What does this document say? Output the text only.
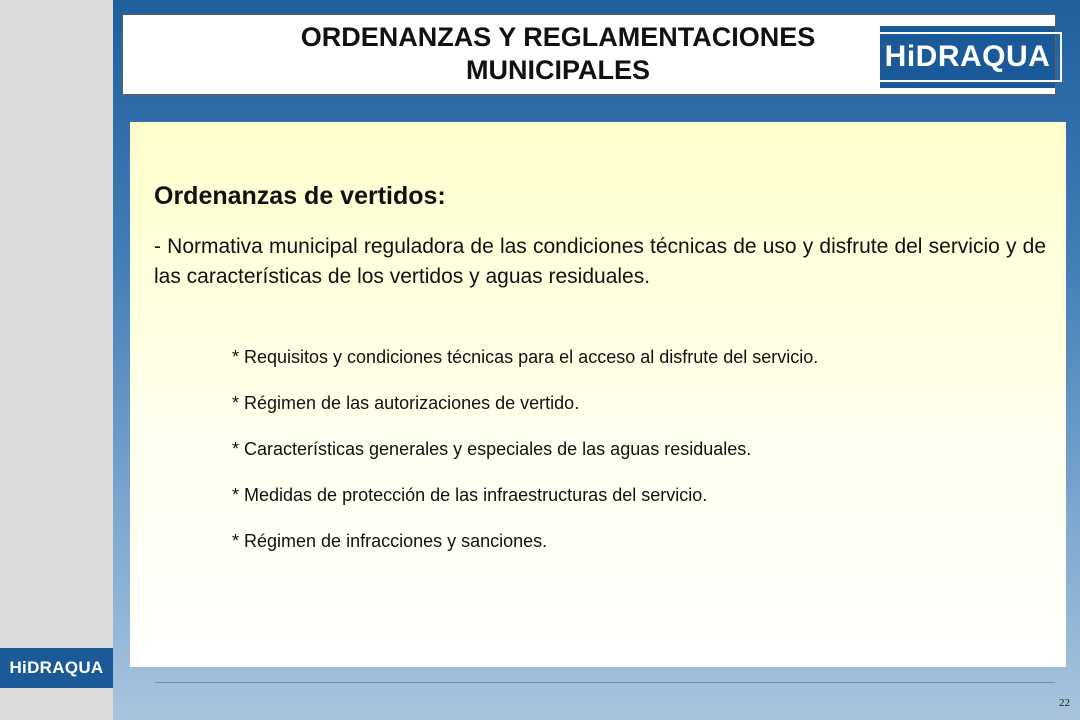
ORDENANZAS Y REGLAMENTACIONES
MUNICIPALES	HiDRAQUA
Ordenanzas de vertidos:
- Normativa municipal reguladora de las condiciones técnicas de uso y disfrute del servicio y de las características de los vertidos y aguas residuales.
* Requisitos y condiciones técnicas para el acceso al disfrute del servicio.
* Régimen de las autorizaciones de vertido.
* Características generales y especiales de las aguas residuales.
* Medidas de protección de las infraestructuras del servicio.
* Régimen de infracciones y sanciones.
22
HiDRAQUA
